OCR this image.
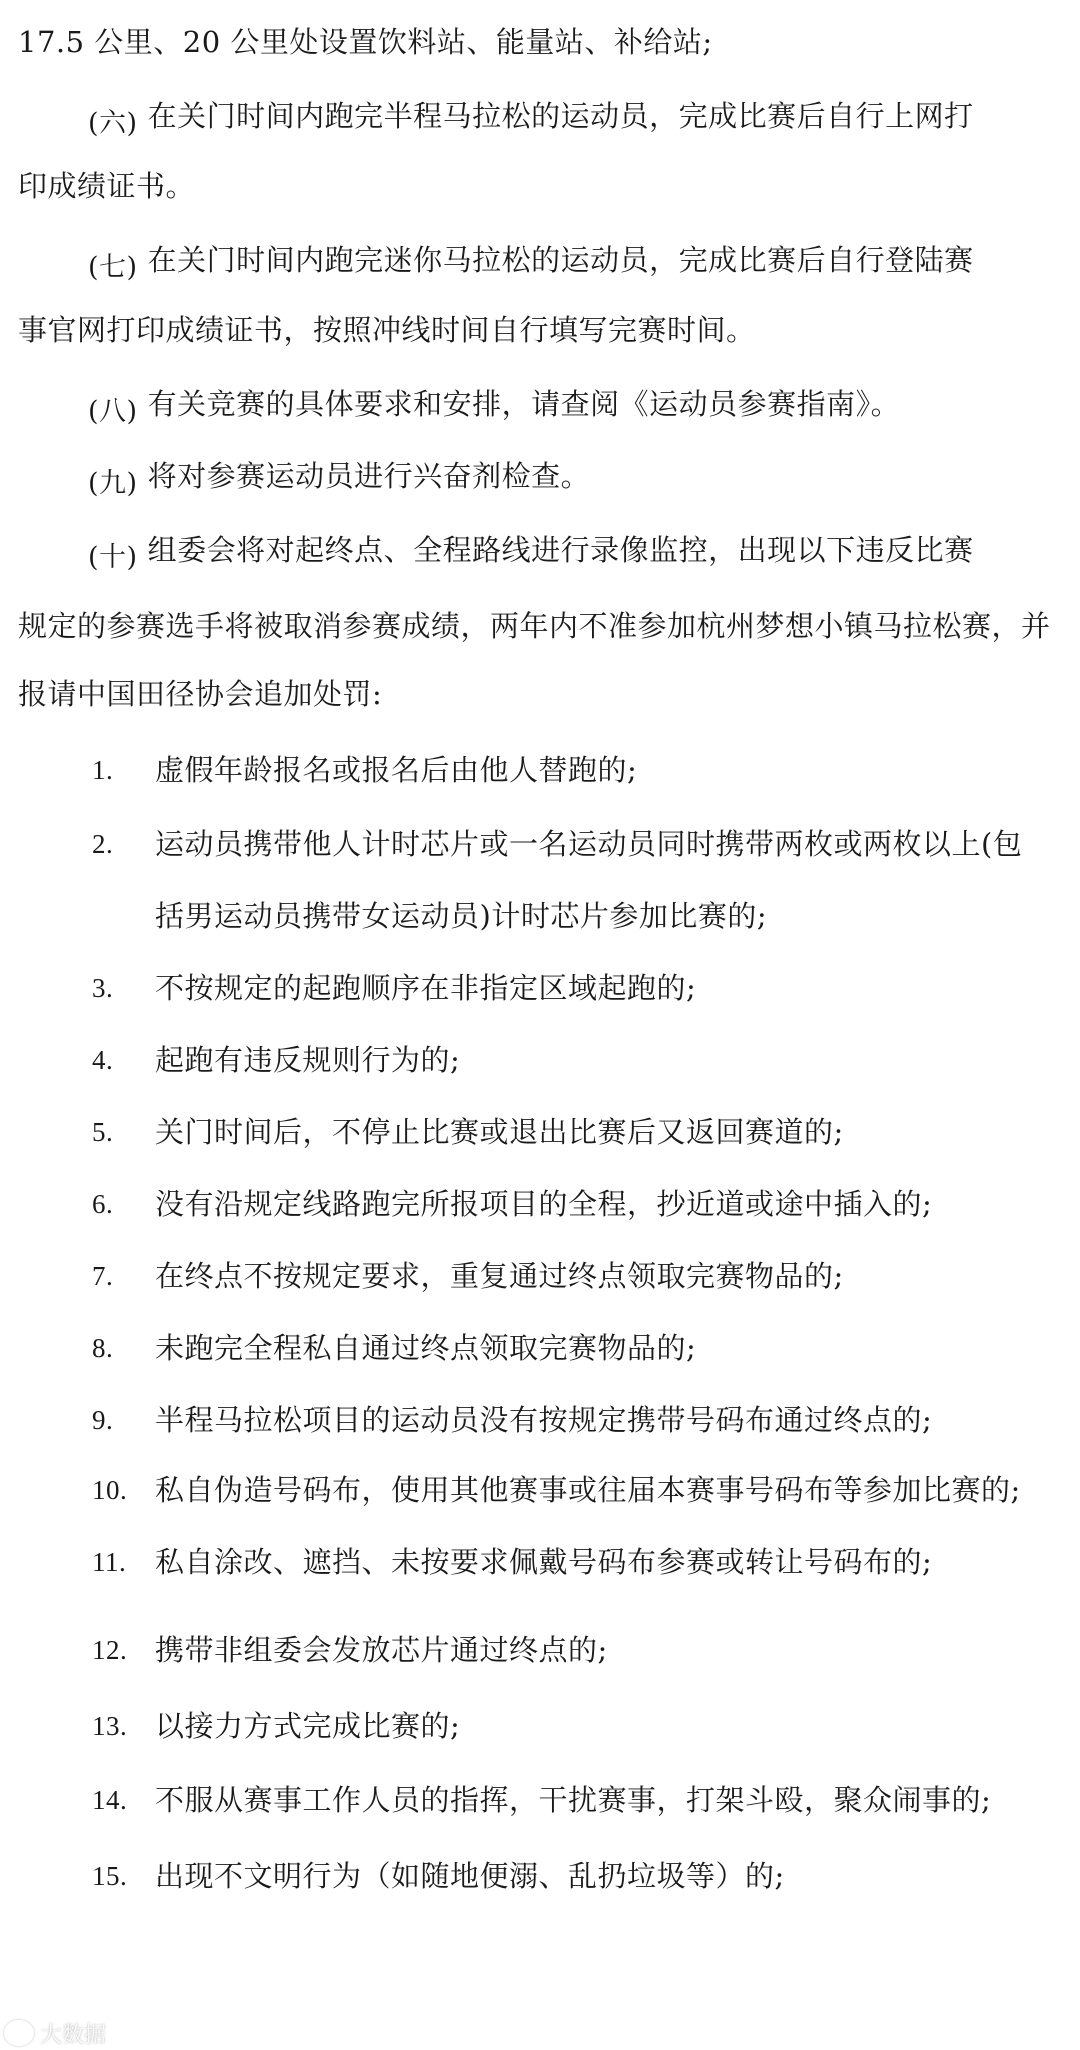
17.5 公里、20 公里处设置饮料站、能量站、补给站;
(六) 在关门时间内跑完半程马拉松的运动员，完成比赛后自行上网打
印成绩证书。
(七) 在关门时间内跑完迷你马拉松的运动员，完成比赛后自行登陆赛
事官网打印成绩证书，按照冲线时间自行填写完赛时间。
(八) 有关竞赛的具体要求和安排，请查阅《运动员参赛指南》。
(九) 将对参赛运动员进行兴奋剂检查。
(十) 组委会将对起终点、全程路线进行录像监控，出现以下违反比赛
规定的参赛选手将被取消参赛成绩，两年内不准参加杭州梦想小镇马拉松赛，并
报请中国田径协会追加处罚:
1. 虚假年龄报名或报名后由他人替跑的;
2. 运动员携带他人计时芯片或一名运动员同时携带两枚或两枚以上(包
括男运动员携带女运动员)计时芯片参加比赛的;
3. 不按规定的起跑顺序在非指定区域起跑的;
4. 起跑有违反规则行为的;
5. 关门时间后，不停止比赛或退出比赛后又返回赛道的;
6. 没有沿规定线路跑完所报项目的全程，抄近道或途中插入的;
7. 在终点不按规定要求，重复通过终点领取完赛物品的;
8. 未跑完全程私自通过终点领取完赛物品的;
9. 半程马拉松项目的运动员没有按规定携带号码布通过终点的;
10. 私自伪造号码布，使用其他赛事或往届本赛事号码布等参加比赛的;
11. 私自涂改、遮挡、未按要求佩戴号码布参赛或转让号码布的;
12. 携带非组委会发放芯片通过终点的;
13. 以接力方式完成比赛的;
14. 不服从赛事工作人员的指挥，干扰赛事，打架斗殴，聚众闹事的;
15. 出现不文明行为（如随地便溺、乱扔垃圾等）的;
大数据
